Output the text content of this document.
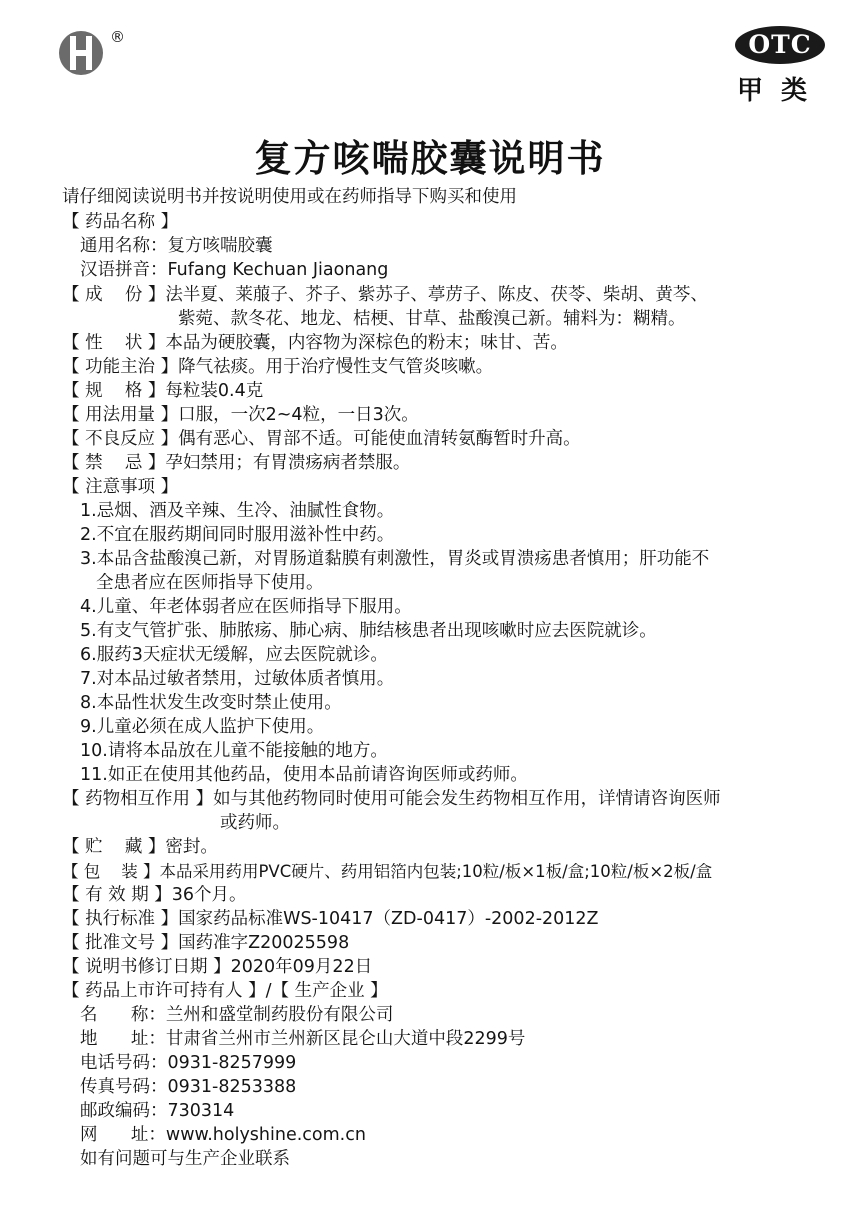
®	OTC
甲类
复方咳喘胶囊说明书
请仔细阅读说明书并按说明使用或在药师指导下购买和使用
【 药品名称 】
通用名称：复方咳喘胶囊
汉语拼音：Fufang Kechuan Jiaonang
【 成    份 】法半夏、莱菔子、芥子、紫苏子、葶苈子、陈皮、茯苓、柴胡、黄芩、
紫菀、款冬花、地龙、桔梗、甘草、盐酸溴己新。辅料为：糊精。
【 性    状 】本品为硬胶囊，内容物为深棕色的粉末；味甘、苦。
【 功能主治 】降气祛痰。用于治疗慢性支气管炎咳嗽。
【 规    格 】每粒装0.4克
【 用法用量 】口服，一次2~4粒，一日3次。
【 不良反应 】偶有恶心、胃部不适。可能使血清转氨酶暂时升高。
【 禁    忌 】孕妇禁用；有胃溃疡病者禁服。
【 注意事项 】
1.忌烟、酒及辛辣、生冷、油腻性食物。
2.不宜在服药期间同时服用滋补性中药。
3.本品含盐酸溴己新，对胃肠道黏膜有刺激性，胃炎或胃溃疡患者慎用；肝功能不
全患者应在医师指导下使用。
4.儿童、年老体弱者应在医师指导下服用。
5.有支气管扩张、肺脓疡、肺心病、肺结核患者出现咳嗽时应去医院就诊。
6.服药3天症状无缓解，应去医院就诊。
7.对本品过敏者禁用，过敏体质者慎用。
8.本品性状发生改变时禁止使用。
9.儿童必须在成人监护下使用。
10.请将本品放在儿童不能接触的地方。
11.如正在使用其他药品，使用本品前请咨询医师或药师。
【 药物相互作用 】如与其他药物同时使用可能会发生药物相互作用，详情请咨询医师
或药师。
【 贮    藏 】密封。
【 包    装 】本品采用药用PVC硬片、药用铝箔内包装;10粒/板×1板/盒;10粒/板×2板/盒
【 有 效 期 】36个月。
【 执行标准 】国家药品标准WS-10417（ZD-0417）-2002-2012Z
【 批准文号 】国药准字Z20025598
【 说明书修订日期 】2020年09月22日
【 药品上市许可持有人 】/【 生产企业 】
名      称：兰州和盛堂制药股份有限公司
地      址：甘肃省兰州市兰州新区昆仑山大道中段2299号
电话号码：0931-8257999
传真号码：0931-8253388
邮政编码：730314
网      址：www.holyshine.com.cn
如有问题可与生产企业联系
